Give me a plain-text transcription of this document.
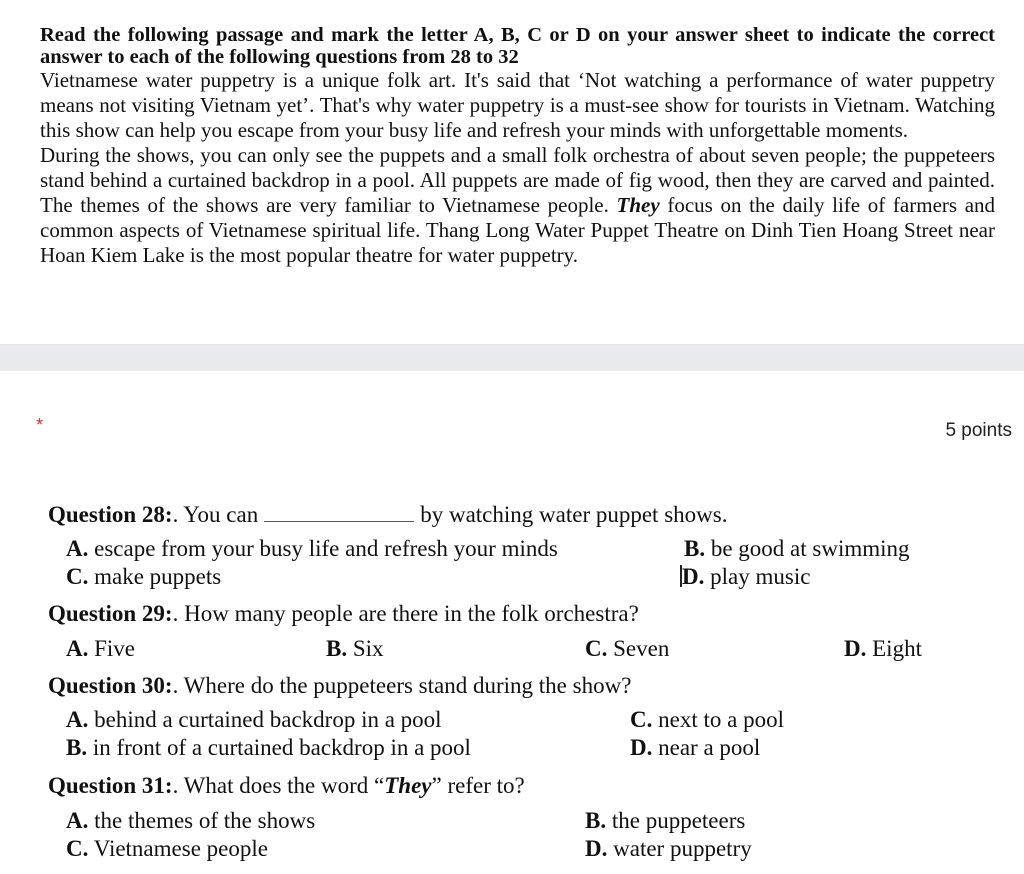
Read the following passage and mark the letter A, B, C or D on your answer sheet to indicate the correct answer to each of the following questions from 28 to 32

Vietnamese water puppetry is a unique folk art. It's said that ‘Not watching a performance of water puppetry means not visiting Vietnam yet’. That's why water puppetry is a must-see show for tourists in Vietnam. Watching this show can help you escape from your busy life and refresh your minds with unforgettable moments.

During the shows, you can only see the puppets and a small folk orchestra of about seven people; the puppeteers stand behind a curtained backdrop in a pool. All puppets are made of fig wood, then they are carved and painted. The themes of the shows are very familiar to Vietnamese people. They focus on the daily life of farmers and common aspects of Vietnamese spiritual life. Thang Long Water Puppet Theatre on Dinh Tien Hoang Street near Hoan Kiem Lake is the most popular theatre for water puppetry.

*	5 points
Question 28:. You can	by watching water puppet shows.
A. escape from your busy life and refresh your minds	B. be good at swimming
C. make puppets	D. play music
Question 29:. How many people are there in the folk orchestra?
A. Five	B. Six	C. Seven	D. Eight
Question 30:. Where do the puppeteers stand during the show?
A. behind a curtained backdrop in a pool	C. next to a pool
B. in front of a curtained backdrop in a pool	D. near a pool
Question 31:. What does the word “They” refer to?
A. the themes of the shows	B. the puppeteers
C. Vietnamese people	D. water puppetry
